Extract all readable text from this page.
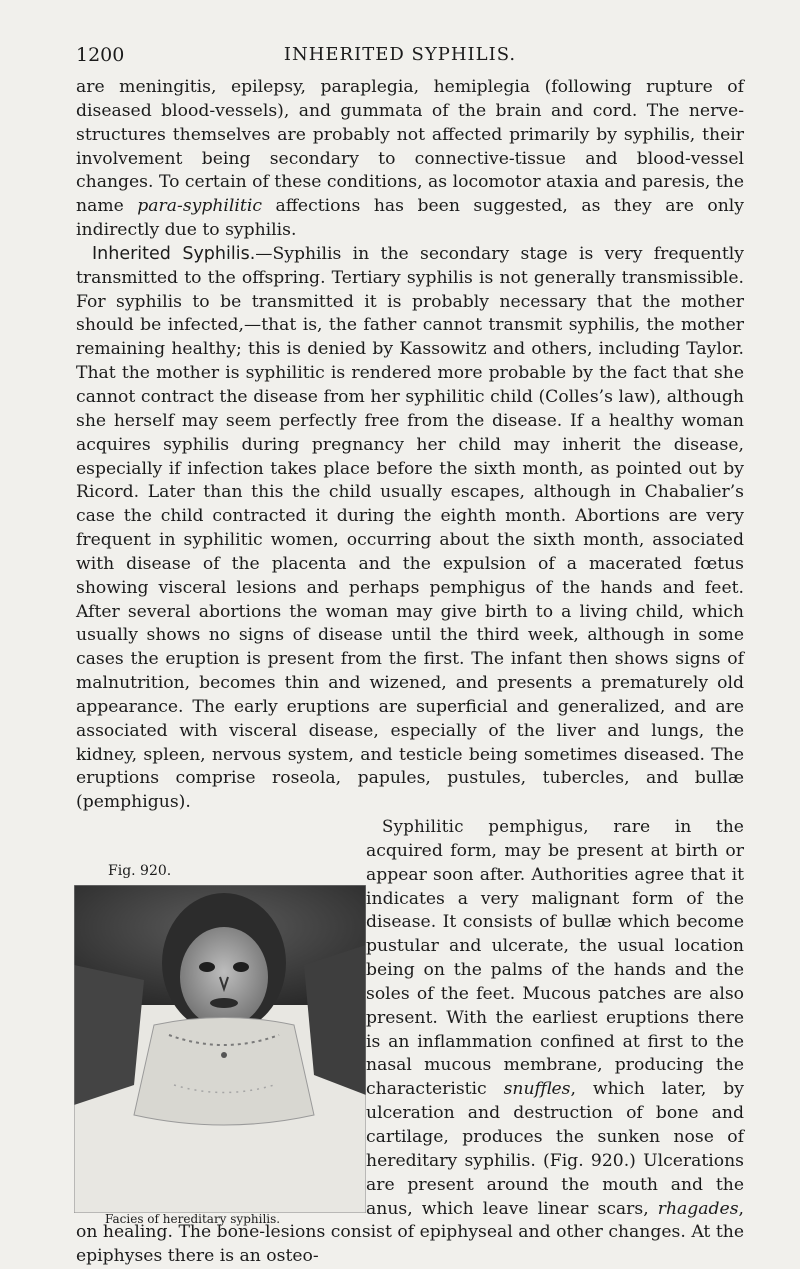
1200	INHERITED SYPHILIS.

are meningitis, epilepsy, paraplegia, hemiplegia (following rupture of diseased blood-vessels), and gummata of the brain and cord. The nerve-structures themselves are probably not affected primarily by syphilis, their involvement being secondary to connective-tissue and blood-vessel changes. To certain of these conditions, as locomotor ataxia and paresis, the name para-syphilitic affections has been suggested, as they are only indirectly due to syphilis.

Inherited Syphilis.—Syphilis in the secondary stage is very frequently transmitted to the offspring. Tertiary syphilis is not generally transmissible. For syphilis to be transmitted it is probably necessary that the mother should be infected,—that is, the father cannot transmit syphilis, the mother remaining healthy; this is denied by Kassowitz and others, including Taylor. That the mother is syphilitic is rendered more probable by the fact that she cannot contract the disease from her syphilitic child (Colles’s law), although she herself may seem perfectly free from the disease. If a healthy woman acquires syphilis during pregnancy her child may inherit the disease, especially if infection takes place before the sixth month, as pointed out by Ricord. Later than this the child usually escapes, although in Chabalier’s case the child contracted it during the eighth month. Abortions are very frequent in syphilitic women, occurring about the sixth month, associated with disease of the placenta and the expulsion of a macerated fœtus showing visceral lesions and perhaps pemphigus of the hands and feet. After several abortions the woman may give birth to a living child, which usually shows no signs of disease until the third week, although in some cases the eruption is present from the first. The infant then shows signs of malnutrition, becomes thin and wizened, and presents a prematurely old appearance. The early eruptions are superficial and generalized, and are associated with visceral disease, especially of the liver and lungs, the kidney, spleen, nervous system, and testicle being sometimes diseased. The eruptions comprise roseola, papules, pustules, tubercles, and bullæ (pemphigus).

Fig. 920.
Facies of hereditary syphilis.
Syphilitic pemphigus, rare in the acquired form, may be present at birth or appear soon after. Authorities agree that it indicates a very malignant form of the disease. It consists of bullæ which become pustular and ulcerate, the usual location being on the palms of the hands and the soles of the feet. Mucous patches are also present. With the earliest eruptions there is an inflammation confined at first to the nasal mucous membrane, producing the characteristic snuffles, which later, by ulceration and destruction of bone and cartilage, produces the sunken nose of hereditary syphilis. (Fig. 920.) Ulcerations are present around the mouth and the anus, which leave linear scars, rhagades, on healing. The bone-lesions consist of epiphyseal and other changes. At the epiphyses there is an osteo-
